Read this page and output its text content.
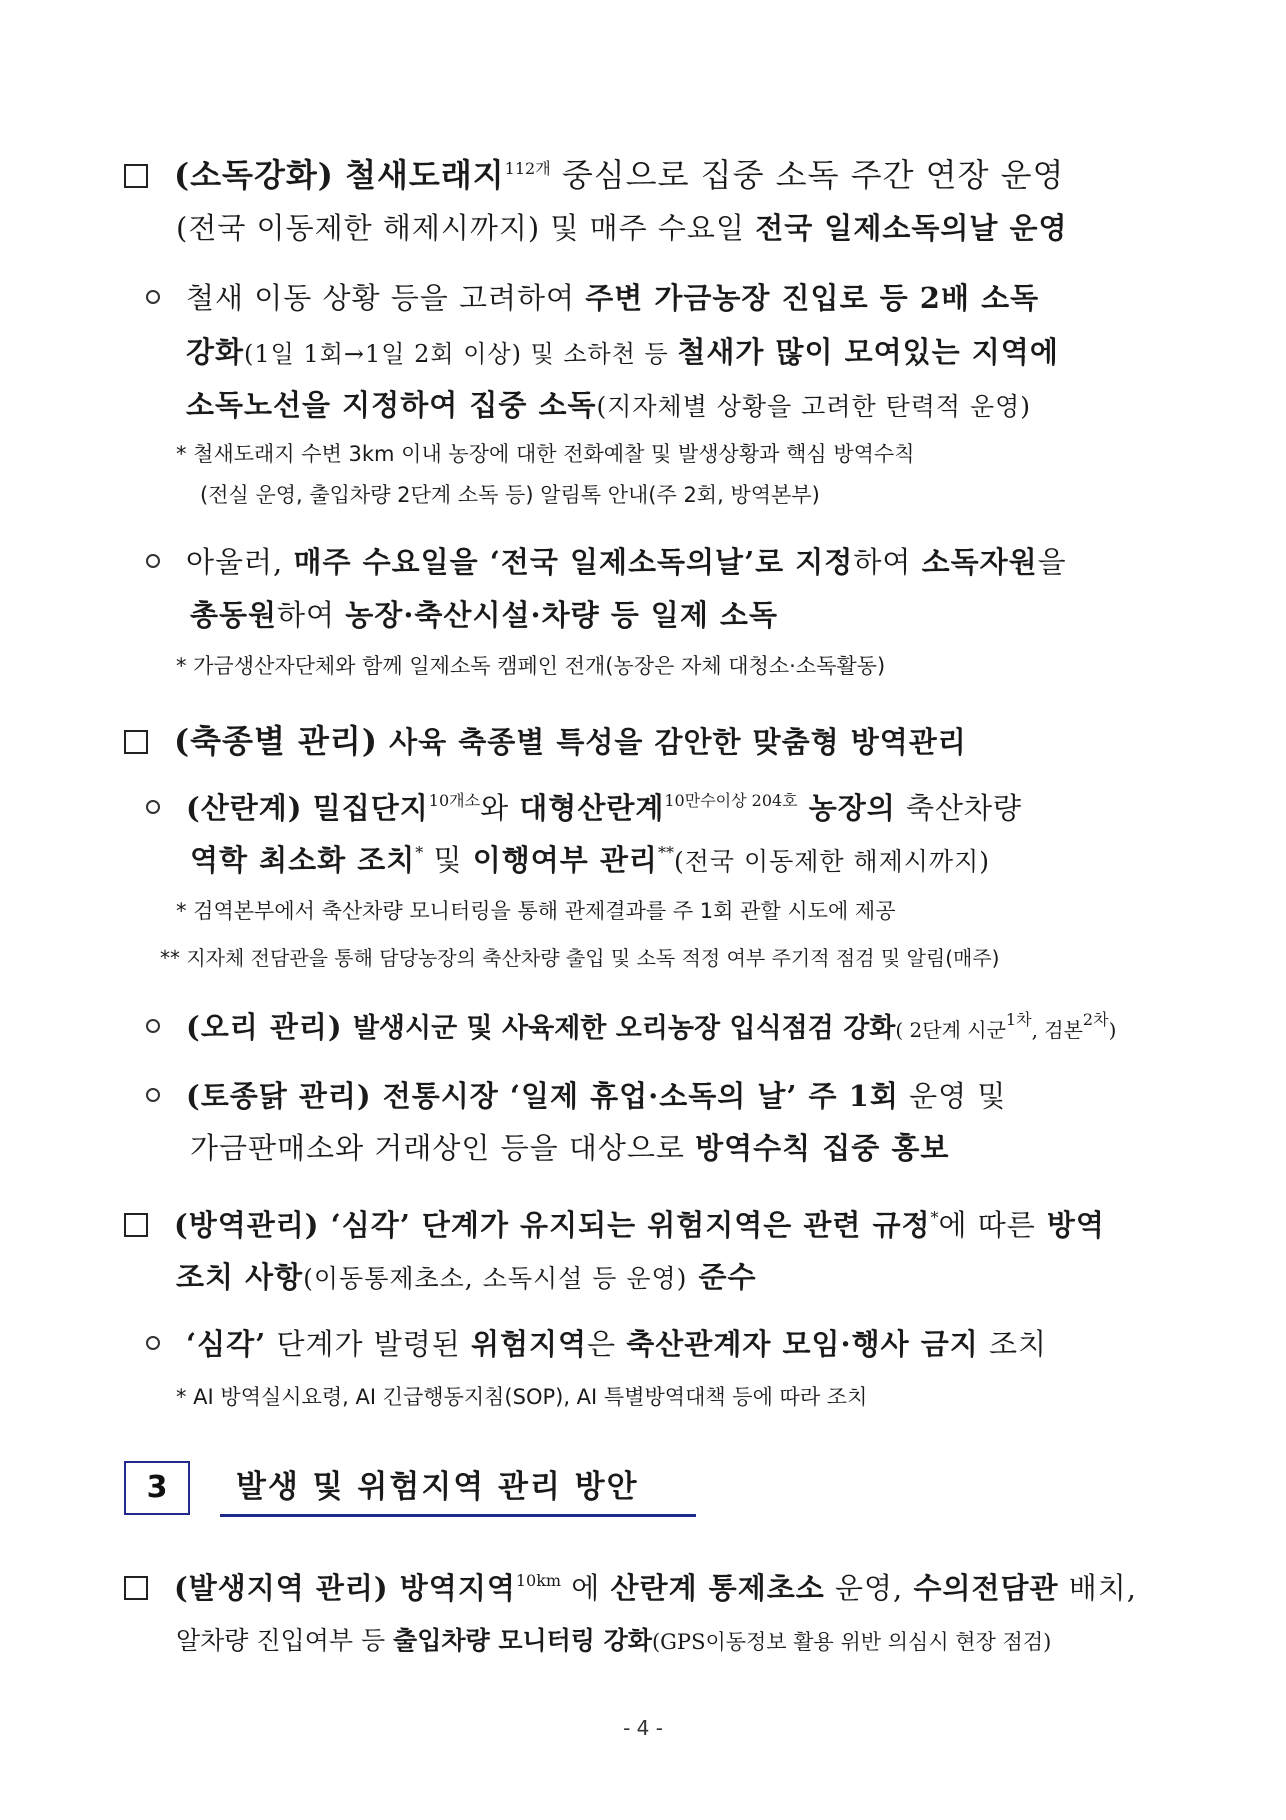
(소독강화) 철새도래지$^{112개}$ 중심으로 집중 소독 주간 연장 운영
(전국 이동제한 해제시까지) 및 매주 수요일 전국 일제소독의날 운영
철새 이동 상황 등을 고려하여 주변 가금농장 진입로 등 2배 소독
강화(1일 1회→1일 2회 이상) 및 소하천 등 철새가 많이 모여있는 지역에
소독노선을 지정하여 집중 소독(지자체별 상황을 고려한 탄력적 운영)
* 철새도래지 수변 3km 이내 농장에 대한 전화예찰 및 발생상황과 핵심 방역수칙
(전실 운영, 출입차량 2단계 소독 등) 알림톡 안내(주 2회, 방역본부)
아울러, 매주 수요일을 ‘전국 일제소독의날’로 지정하여 소독자원을
총동원하여 농장·축산시설·차량 등 일제 소독
* 가금생산자단체와 함께 일제소독 캠페인 전개(농장은 자체 대청소·소독활동)
(축종별 관리) 사육 축종별 특성을 감안한 맞춤형 방역관리
(산란계) 밀집단지$^{10개소}$와 대형산란계$^{10만수이상 204호}$ 농장의 축산차량
역학 최소화 조치* 및 이행여부 관리**(전국 이동제한 해제시까지)
* 검역본부에서 축산차량 모니터링을 통해 관제결과를 주 1회 관할 시도에 제공
** 지자체 전담관을 통해 담당농장의 축산차량 출입 및 소독 적정 여부 주기적 점검 및 알림(매주)
(오리 관리) 발생시군 및 사육제한 오리농장 입식점검 강화( 2단계 시군$^{1차}$, 검본$^{2차}$)
(토종닭 관리) 전통시장 ‘일제 휴업·소독의 날’ 주 1회 운영 및
가금판매소와 거래상인 등을 대상으로 방역수칙 집중 홍보
(방역관리) ‘심각’ 단계가 유지되는 위험지역은 관련 규정*에 따른 방역
조치 사항(이동통제초소, 소독시설 등 운영) 준수
‘심각’ 단계가 발령된 위험지역은 축산관계자 모임·행사 금지 조치
* AI 방역실시요령, AI 긴급행동지침(SOP), AI 특별방역대책 등에 따라 조치
3	발생 및 위험지역 관리 방안
(발생지역 관리) 방역지역$^{10km}$ 에 산란계 통제초소 운영, 수의전담관 배치,
알차량 진입여부 등 출입차량 모니터링 강화(GPS이동정보 활용 위반 의심시 현장 점검)
- 4 -
